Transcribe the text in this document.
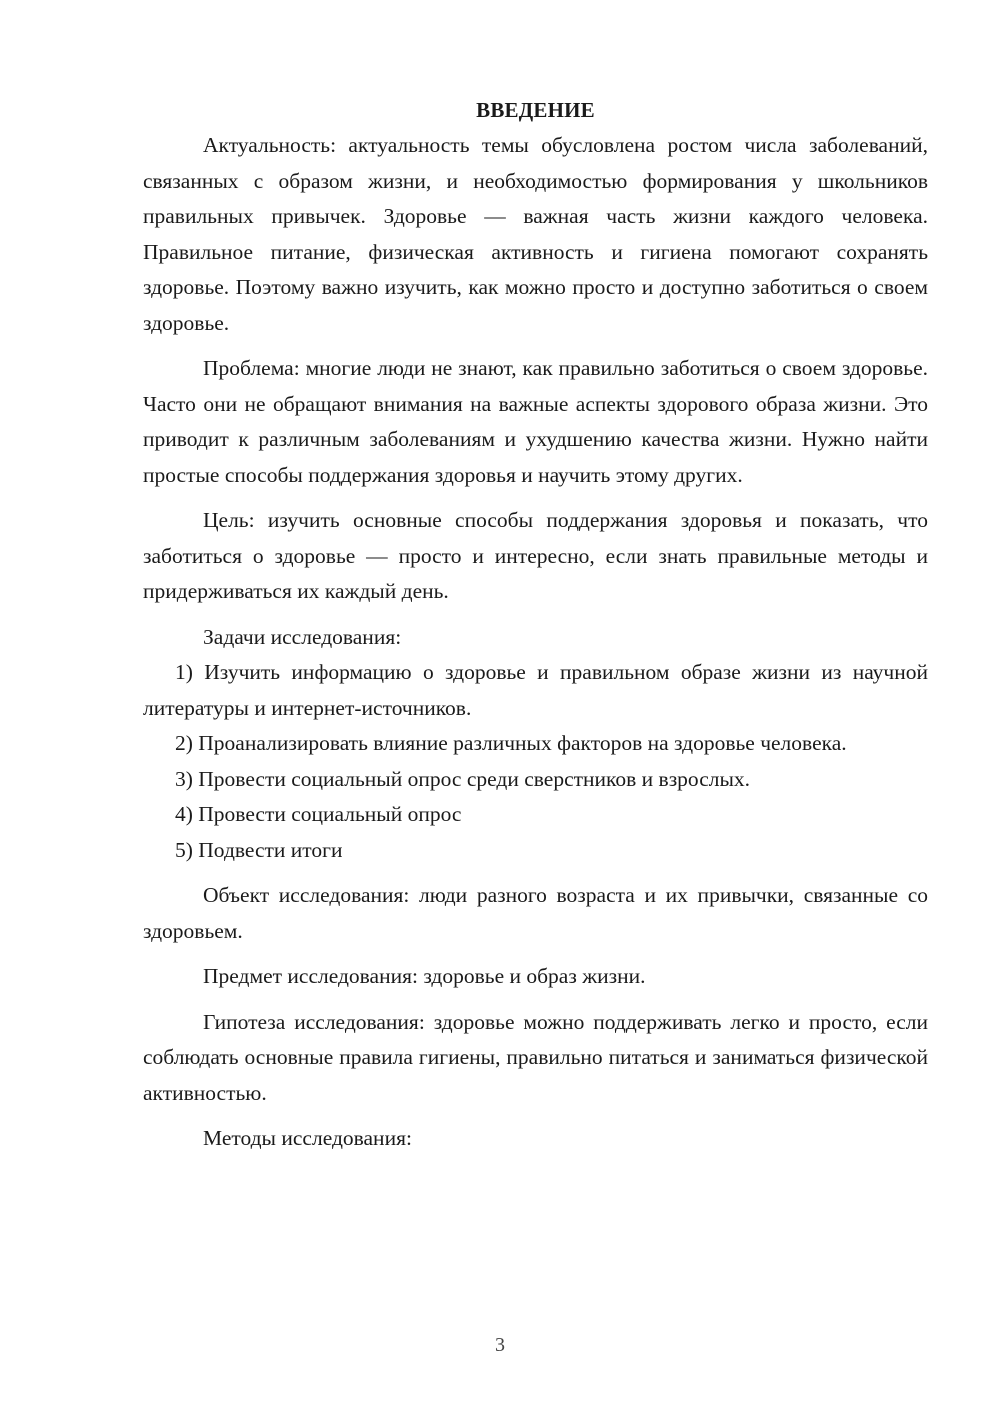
ВВЕДЕНИЕ

Актуальность: актуальность темы обусловлена ростом числа заболеваний, связанных с образом жизни, и необходимостью формирования у школьников правильных привычек. Здоровье — важная часть жизни каждого человека. Правильное питание, физическая активность и гигиена помогают сохранять здоровье. Поэтому важно изучить, как можно просто и доступно заботиться о своем здоровье.

Проблема: многие люди не знают, как правильно заботиться о своем здоровье. Часто они не обращают внимания на важные аспекты здорового образа жизни. Это приводит к различным заболеваниям и ухудшению качества жизни. Нужно найти простые способы поддержания здоровья и научить этому других.

Цель: изучить основные способы поддержания здоровья и показать, что заботиться о здоровье — просто и интересно, если знать правильные методы и придерживаться их каждый день.

Задачи исследования:

1) Изучить информацию о здоровье и правильном образе жизни из научной литературы и интернет-источников.

2) Проанализировать влияние различных факторов на здоровье человека.

3) Провести социальный опрос среди сверстников и взрослых.

4) Провести социальный опрос

5) Подвести итоги

Объект исследования: люди разного возраста и их привычки, связанные со здоровьем.

Предмет исследования: здоровье и образ жизни.

Гипотеза исследования: здоровье можно поддерживать легко и просто, если соблюдать основные правила гигиены, правильно питаться и заниматься физической активностью.

Методы исследования:

3
